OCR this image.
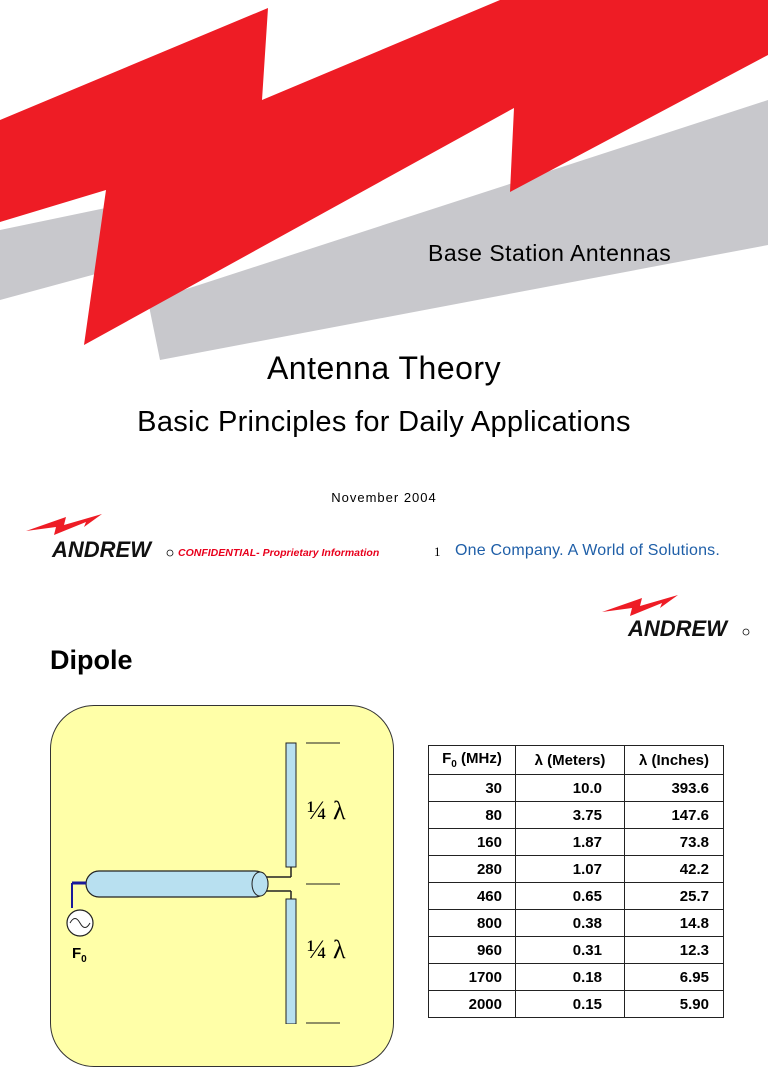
Base Station Antennas
Antenna Theory
Basic Principles for Daily Applications
November 2004
ANDREW	CONFIDENTIAL- Proprietary Information	1 One Company. A World of Solutions.
ANDREW
Dipole
¼ λ
¼ λ
$F_0$
$F_0$ (MHz)	λ (Meters)	λ (Inches)
30	10.0	393.6
80	3.75	147.6
160	1.87	73.8
280	1.07	42.2
460	0.65	25.7
800	0.38	14.8
960	0.31	12.3
1700	0.18	6.95
2000	0.15	5.90
